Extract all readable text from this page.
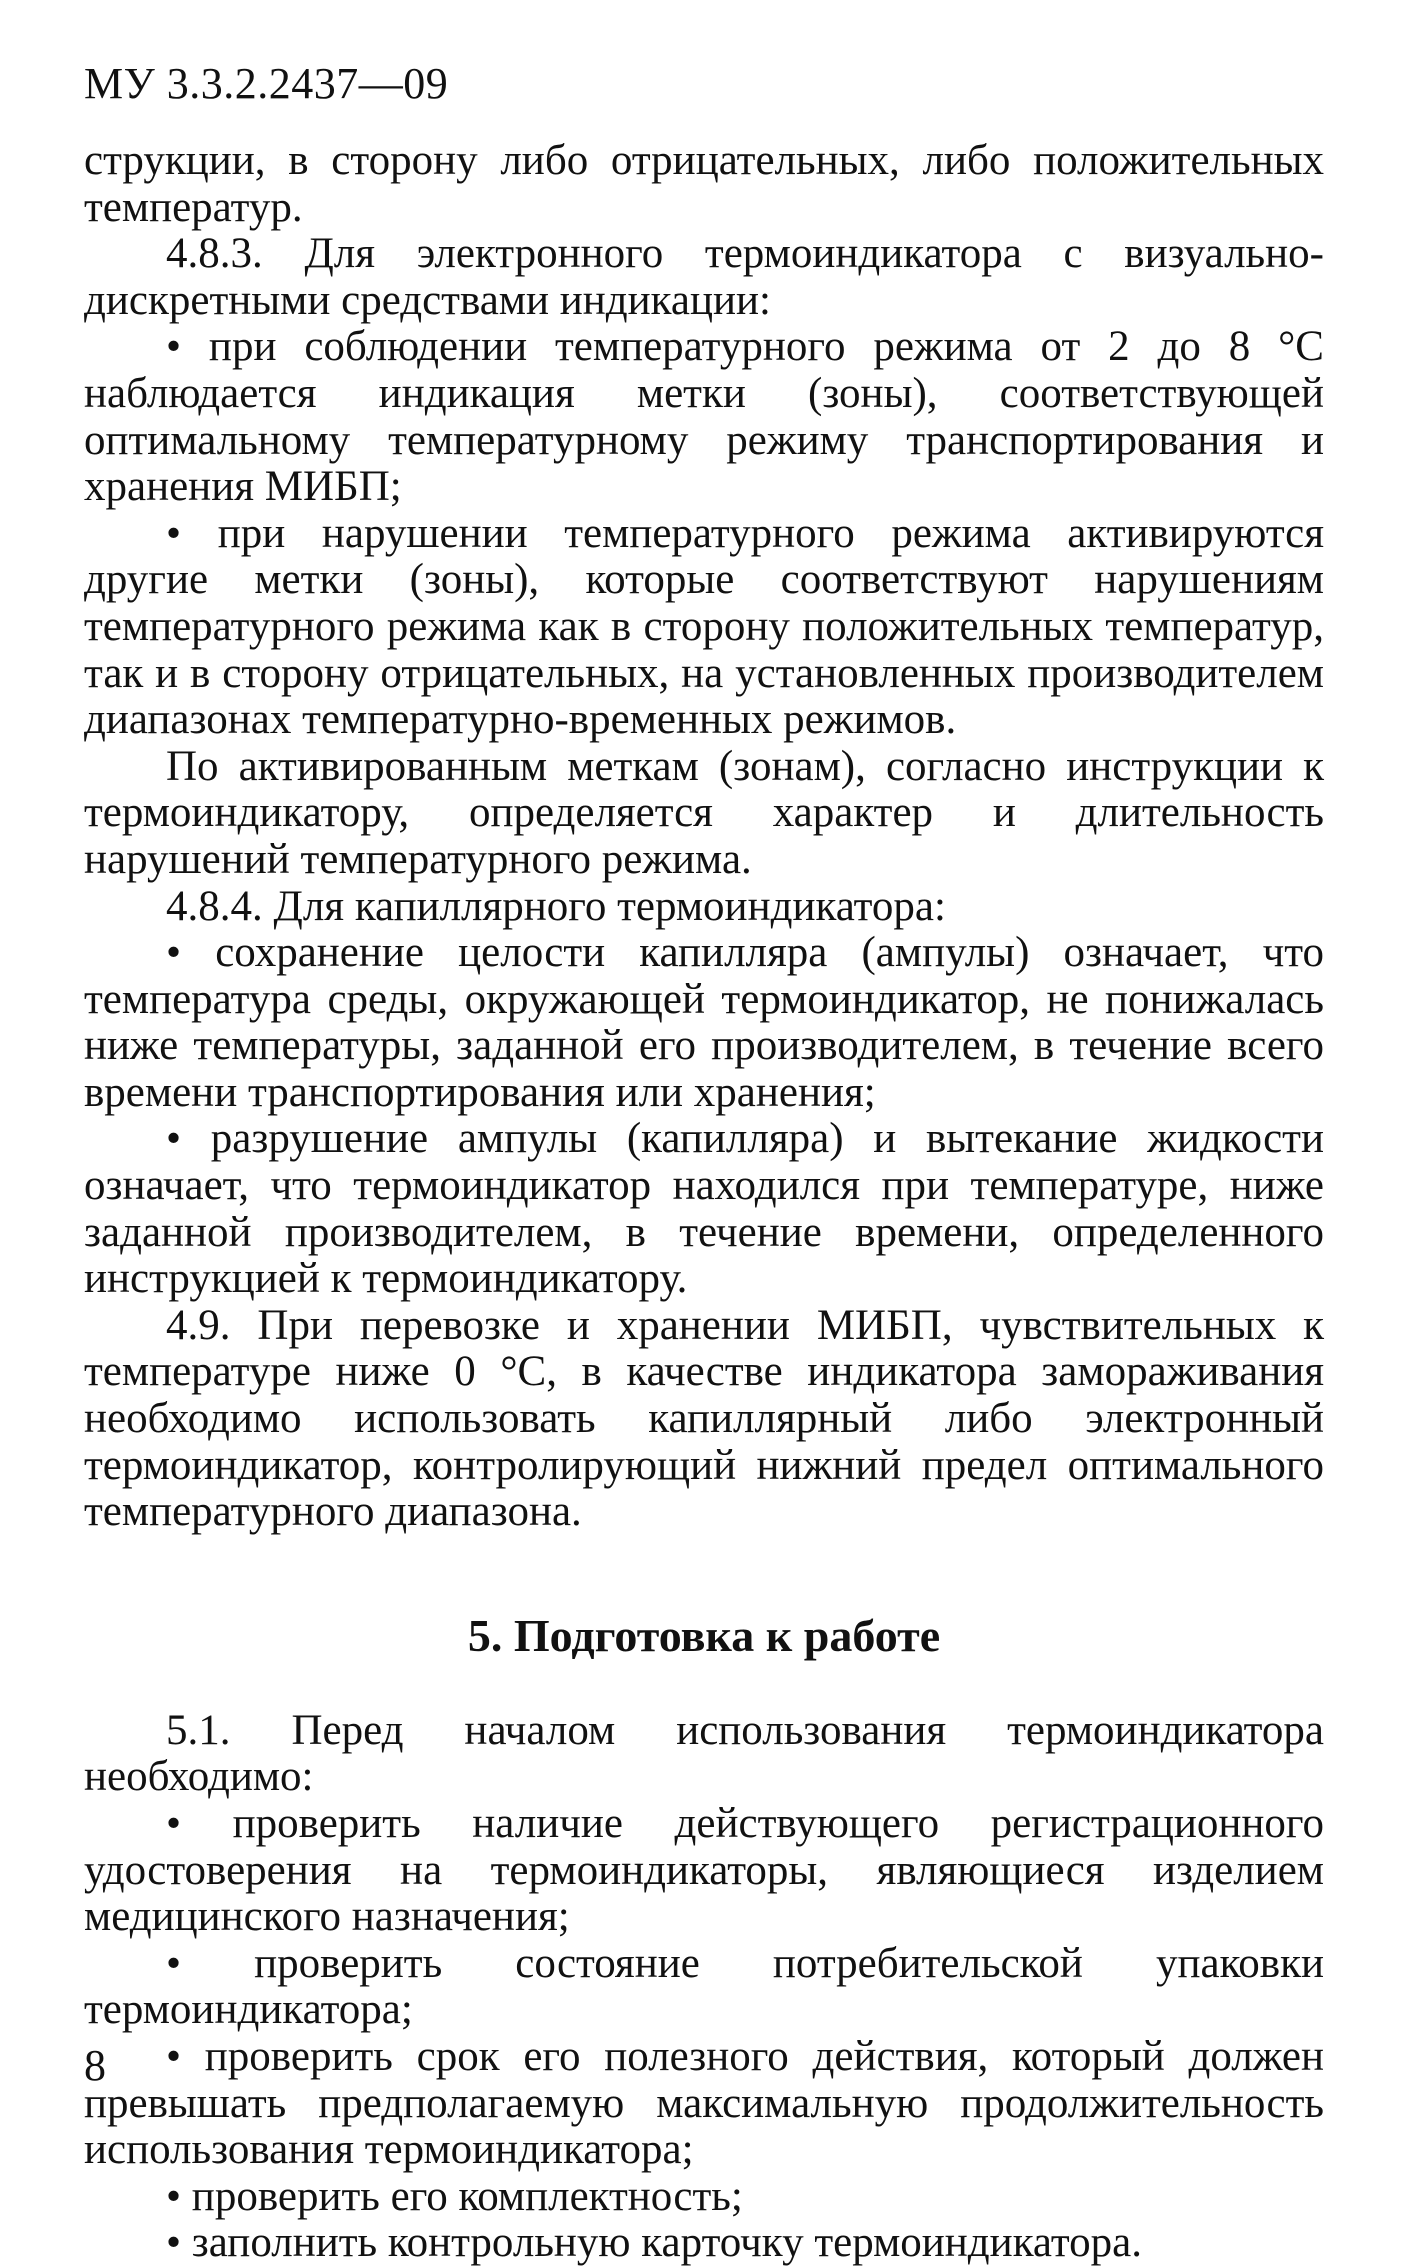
МУ 3.3.2.2437—09

струкции, в сторону либо отрицательных, либо положительных температур.

4.8.3. Для электронного термоиндикатора с визуально-дискретными средствами индикации:

• при соблюдении температурного режима от 2 до 8 °С наблюдается индикация метки (зоны), соответствующей оптимальному температурному режиму транспортирования и хранения МИБП;

• при нарушении температурного режима активируются другие метки (зоны), которые соответствуют нарушениям температурного режима как в сторону положительных температур, так и в сторону отрицательных, на установленных производителем диапазонах температурно-временных режимов.

По активированным меткам (зонам), согласно инструкции к термоиндикатору, определяется характер и длительность нарушений температурного режима.

4.8.4. Для капиллярного термоиндикатора:

• сохранение целости капилляра (ампулы) означает, что температура среды, окружающей термоиндикатор, не понижалась ниже температуры, заданной его производителем, в течение всего времени транспортирования или хранения;

• разрушение ампулы (капилляра) и вытекание жидкости означает, что термоиндикатор находился при температуре, ниже заданной производителем, в течение времени, определенного инструкцией к термоиндикатору.

4.9. При перевозке и хранении МИБП, чувствительных к температуре ниже 0 °С, в качестве индикатора замораживания необходимо использовать капиллярный либо электронный термоиндикатор, контролирующий нижний предел оптимального температурного диапазона.

5. Подготовка к работе

5.1. Перед началом использования термоиндикатора необходимо:

• проверить наличие действующего регистрационного удостоверения на термоиндикаторы, являющиеся изделием медицинского назначения;

• проверить состояние потребительской упаковки термоиндикатора;

• проверить срок его полезного действия, который должен превышать предполагаемую максимальную продолжительность использования термоиндикатора;

• проверить его комплектность;

• заполнить контрольную карточку термоиндикатора.

8
